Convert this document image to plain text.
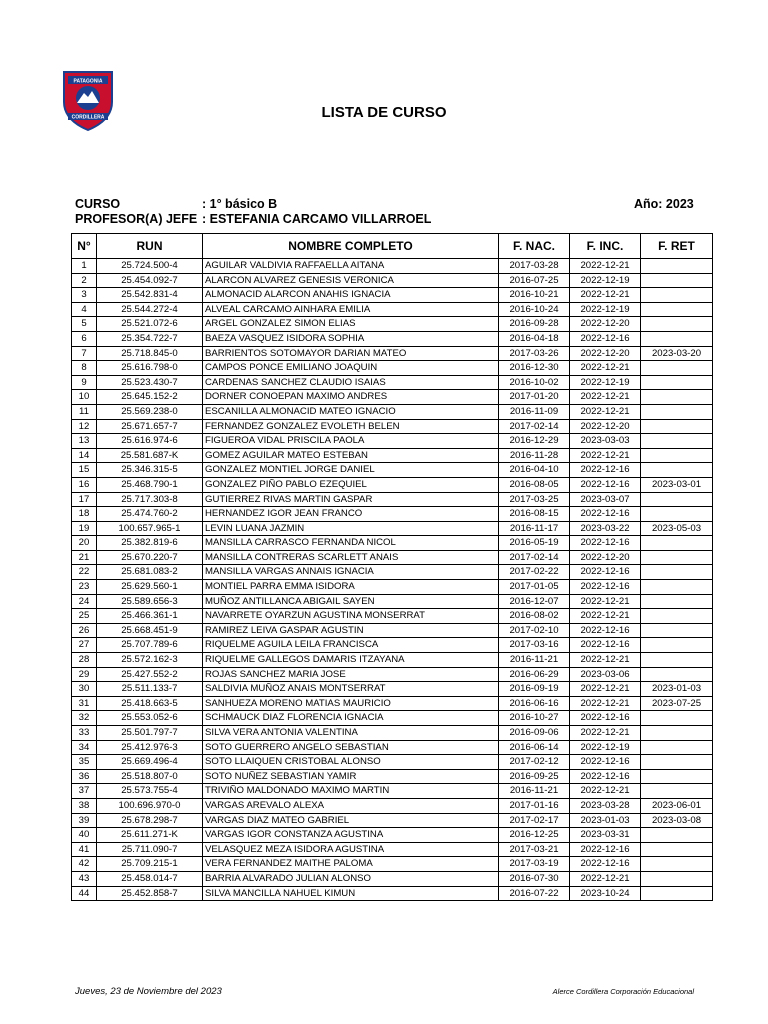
PATAGONIA
CORDILLERA	LISTA DE CURSO
CURSO	: 1° básico B	Año: 2023
PROFESOR(A) JEFE : ESTEFANIA CARCAMO VILLARROEL
N°	RUN	NOMBRE COMPLETO	F. NAC.	F. INC.	F. RET
1	25.724.500-4	AGUILAR VALDIVIA RAFFAELLA AITANA	2017-03-28	2022-12-21	
2	25.454.092-7	ALARCON ALVAREZ GENESIS VERONICA	2016-07-25	2022-12-19	
3	25.542.831-4	ALMONACID ALARCON ANAHIS IGNACIA	2016-10-21	2022-12-21	
4	25.544.272-4	ALVEAL CARCAMO AINHARA EMILIA	2016-10-24	2022-12-19	
5	25.521.072-6	ARGEL GONZALEZ SIMON ELIAS	2016-09-28	2022-12-20	
6	25.354.722-7	BAEZA VASQUEZ ISIDORA SOPHIA	2016-04-18	2022-12-16	
7	25.718.845-0	BARRIENTOS SOTOMAYOR DARIAN MATEO	2017-03-26	2022-12-20	2023-03-20
8	25.616.798-0	CAMPOS PONCE EMILIANO JOAQUIN	2016-12-30	2022-12-21	
9	25.523.430-7	CARDENAS SANCHEZ CLAUDIO ISAIAS	2016-10-02	2022-12-19	
10	25.645.152-2	DORNER CONOEPAN MAXIMO ANDRES	2017-01-20	2022-12-21	
11	25.569.238-0	ESCANILLA ALMONACID MATEO IGNACIO	2016-11-09	2022-12-21	
12	25.671.657-7	FERNANDEZ GONZALEZ EVOLETH BELEN	2017-02-14	2022-12-20	
13	25.616.974-6	FIGUEROA VIDAL PRISCILA PAOLA	2016-12-29	2023-03-03	
14	25.581.687-K	GOMEZ AGUILAR MATEO ESTEBAN	2016-11-28	2022-12-21	
15	25.346.315-5	GONZALEZ MONTIEL JORGE DANIEL	2016-04-10	2022-12-16	
16	25.468.790-1	GONZALEZ PIÑO PABLO EZEQUIEL	2016-08-05	2022-12-16	2023-03-01
17	25.717.303-8	GUTIERREZ RIVAS MARTIN GASPAR	2017-03-25	2023-03-07	
18	25.474.760-2	HERNANDEZ IGOR JEAN FRANCO	2016-08-15	2022-12-16	
19	100.657.965-1	LEVIN LUANA JAZMIN	2016-11-17	2023-03-22	2023-05-03
20	25.382.819-6	MANSILLA CARRASCO FERNANDA NICOL	2016-05-19	2022-12-16	
21	25.670.220-7	MANSILLA CONTRERAS SCARLETT ANAIS	2017-02-14	2022-12-20	
22	25.681.083-2	MANSILLA VARGAS ANNAIS IGNACIA	2017-02-22	2022-12-16	
23	25.629.560-1	MONTIEL PARRA EMMA ISIDORA	2017-01-05	2022-12-16	
24	25.589.656-3	MUÑOZ ANTILLANCA ABIGAIL SAYEN	2016-12-07	2022-12-21	
25	25.466.361-1	NAVARRETE OYARZUN AGUSTINA MONSERRAT	2016-08-02	2022-12-21	
26	25.668.451-9	RAMIREZ LEIVA GASPAR AGUSTIN	2017-02-10	2022-12-16	
27	25.707.789-6	RIQUELME AGUILA LEILA FRANCISCA	2017-03-16	2022-12-16	
28	25.572.162-3	RIQUELME GALLEGOS DAMARIS ITZAYANA	2016-11-21	2022-12-21	
29	25.427.552-2	ROJAS SANCHEZ MARIA JOSE	2016-06-29	2023-03-06	
30	25.511.133-7	SALDIVIA MUÑOZ ANAIS MONTSERRAT	2016-09-19	2022-12-21	2023-01-03
31	25.418.663-5	SANHUEZA MORENO MATIAS MAURICIO	2016-06-16	2022-12-21	2023-07-25
32	25.553.052-6	SCHMAUCK DIAZ FLORENCIA IGNACIA	2016-10-27	2022-12-16	
33	25.501.797-7	SILVA VERA ANTONIA VALENTINA	2016-09-06	2022-12-21	
34	25.412.976-3	SOTO GUERRERO ANGELO SEBASTIAN	2016-06-14	2022-12-19	
35	25.669.496-4	SOTO LLAIQUEN CRISTOBAL ALONSO	2017-02-12	2022-12-16	
36	25.518.807-0	SOTO NUÑEZ SEBASTIAN YAMIR	2016-09-25	2022-12-16	
37	25.573.755-4	TRIVIÑO MALDONADO MAXIMO MARTIN	2016-11-21	2022-12-21	
38	100.696.970-0	VARGAS AREVALO ALEXA	2017-01-16	2023-03-28	2023-06-01
39	25.678.298-7	VARGAS DIAZ MATEO GABRIEL	2017-02-17	2023-01-03	2023-03-08
40	25.611.271-K	VARGAS IGOR CONSTANZA AGUSTINA	2016-12-25	2023-03-31	
41	25.711.090-7	VELASQUEZ MEZA ISIDORA AGUSTINA	2017-03-21	2022-12-16	
42	25.709.215-1	VERA FERNANDEZ MAITHE PALOMA	2017-03-19	2022-12-16	
43	25.458.014-7	BARRIA ALVARADO JULIAN ALONSO	2016-07-30	2022-12-21	
44	25.452.858-7	SILVA MANCILLA NAHUEL KIMUN	2016-07-22	2023-10-24	
Jueves, 23 de Noviembre del 2023	Alerce Cordillera Corporación Educacional
